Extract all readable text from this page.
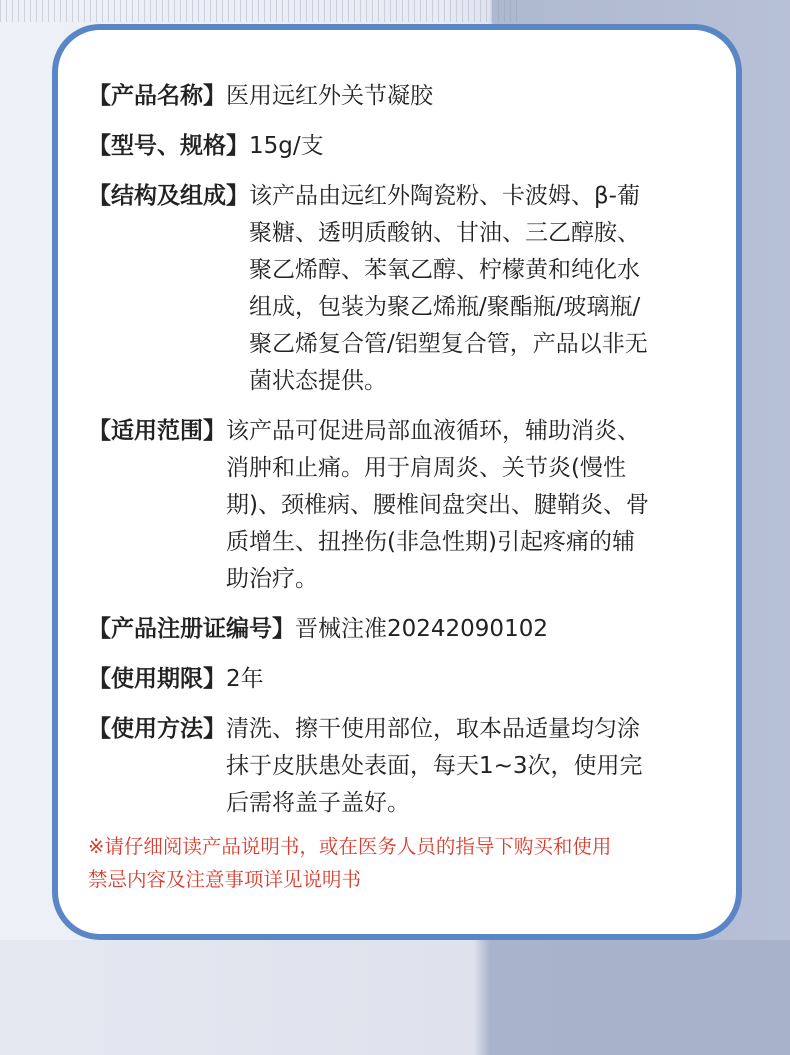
【产品名称】 医用远红外关节凝胶
【型号、规格】 15g/支
【结构及组成】 该产品由远红外陶瓷粉、卡波姆、β-葡
聚糖、透明质酸钠、甘油、三乙醇胺、
聚乙烯醇、苯氧乙醇、柠檬黄和纯化水
组成，包装为聚乙烯瓶/聚酯瓶/玻璃瓶/
聚乙烯复合管/铝塑复合管，产品以非无
菌状态提供。
【适用范围】 该产品可促进局部血液循环，辅助消炎、
消肿和止痛。用于肩周炎、关节炎(慢性
期)、颈椎病、腰椎间盘突出、腱鞘炎、骨
质增生、扭挫伤(非急性期)引起疼痛的辅
助治疗。
【产品注册证编号】 晋械注准20242090102
【使用期限】 2年
【使用方法】 清洗、擦干使用部位，取本品适量均匀涂
抹于皮肤患处表面，每天1~3次，使用完
后需将盖子盖好。
※请仔细阅读产品说明书，或在医务人员的指导下购买和使用
禁忌内容及注意事项详见说明书
